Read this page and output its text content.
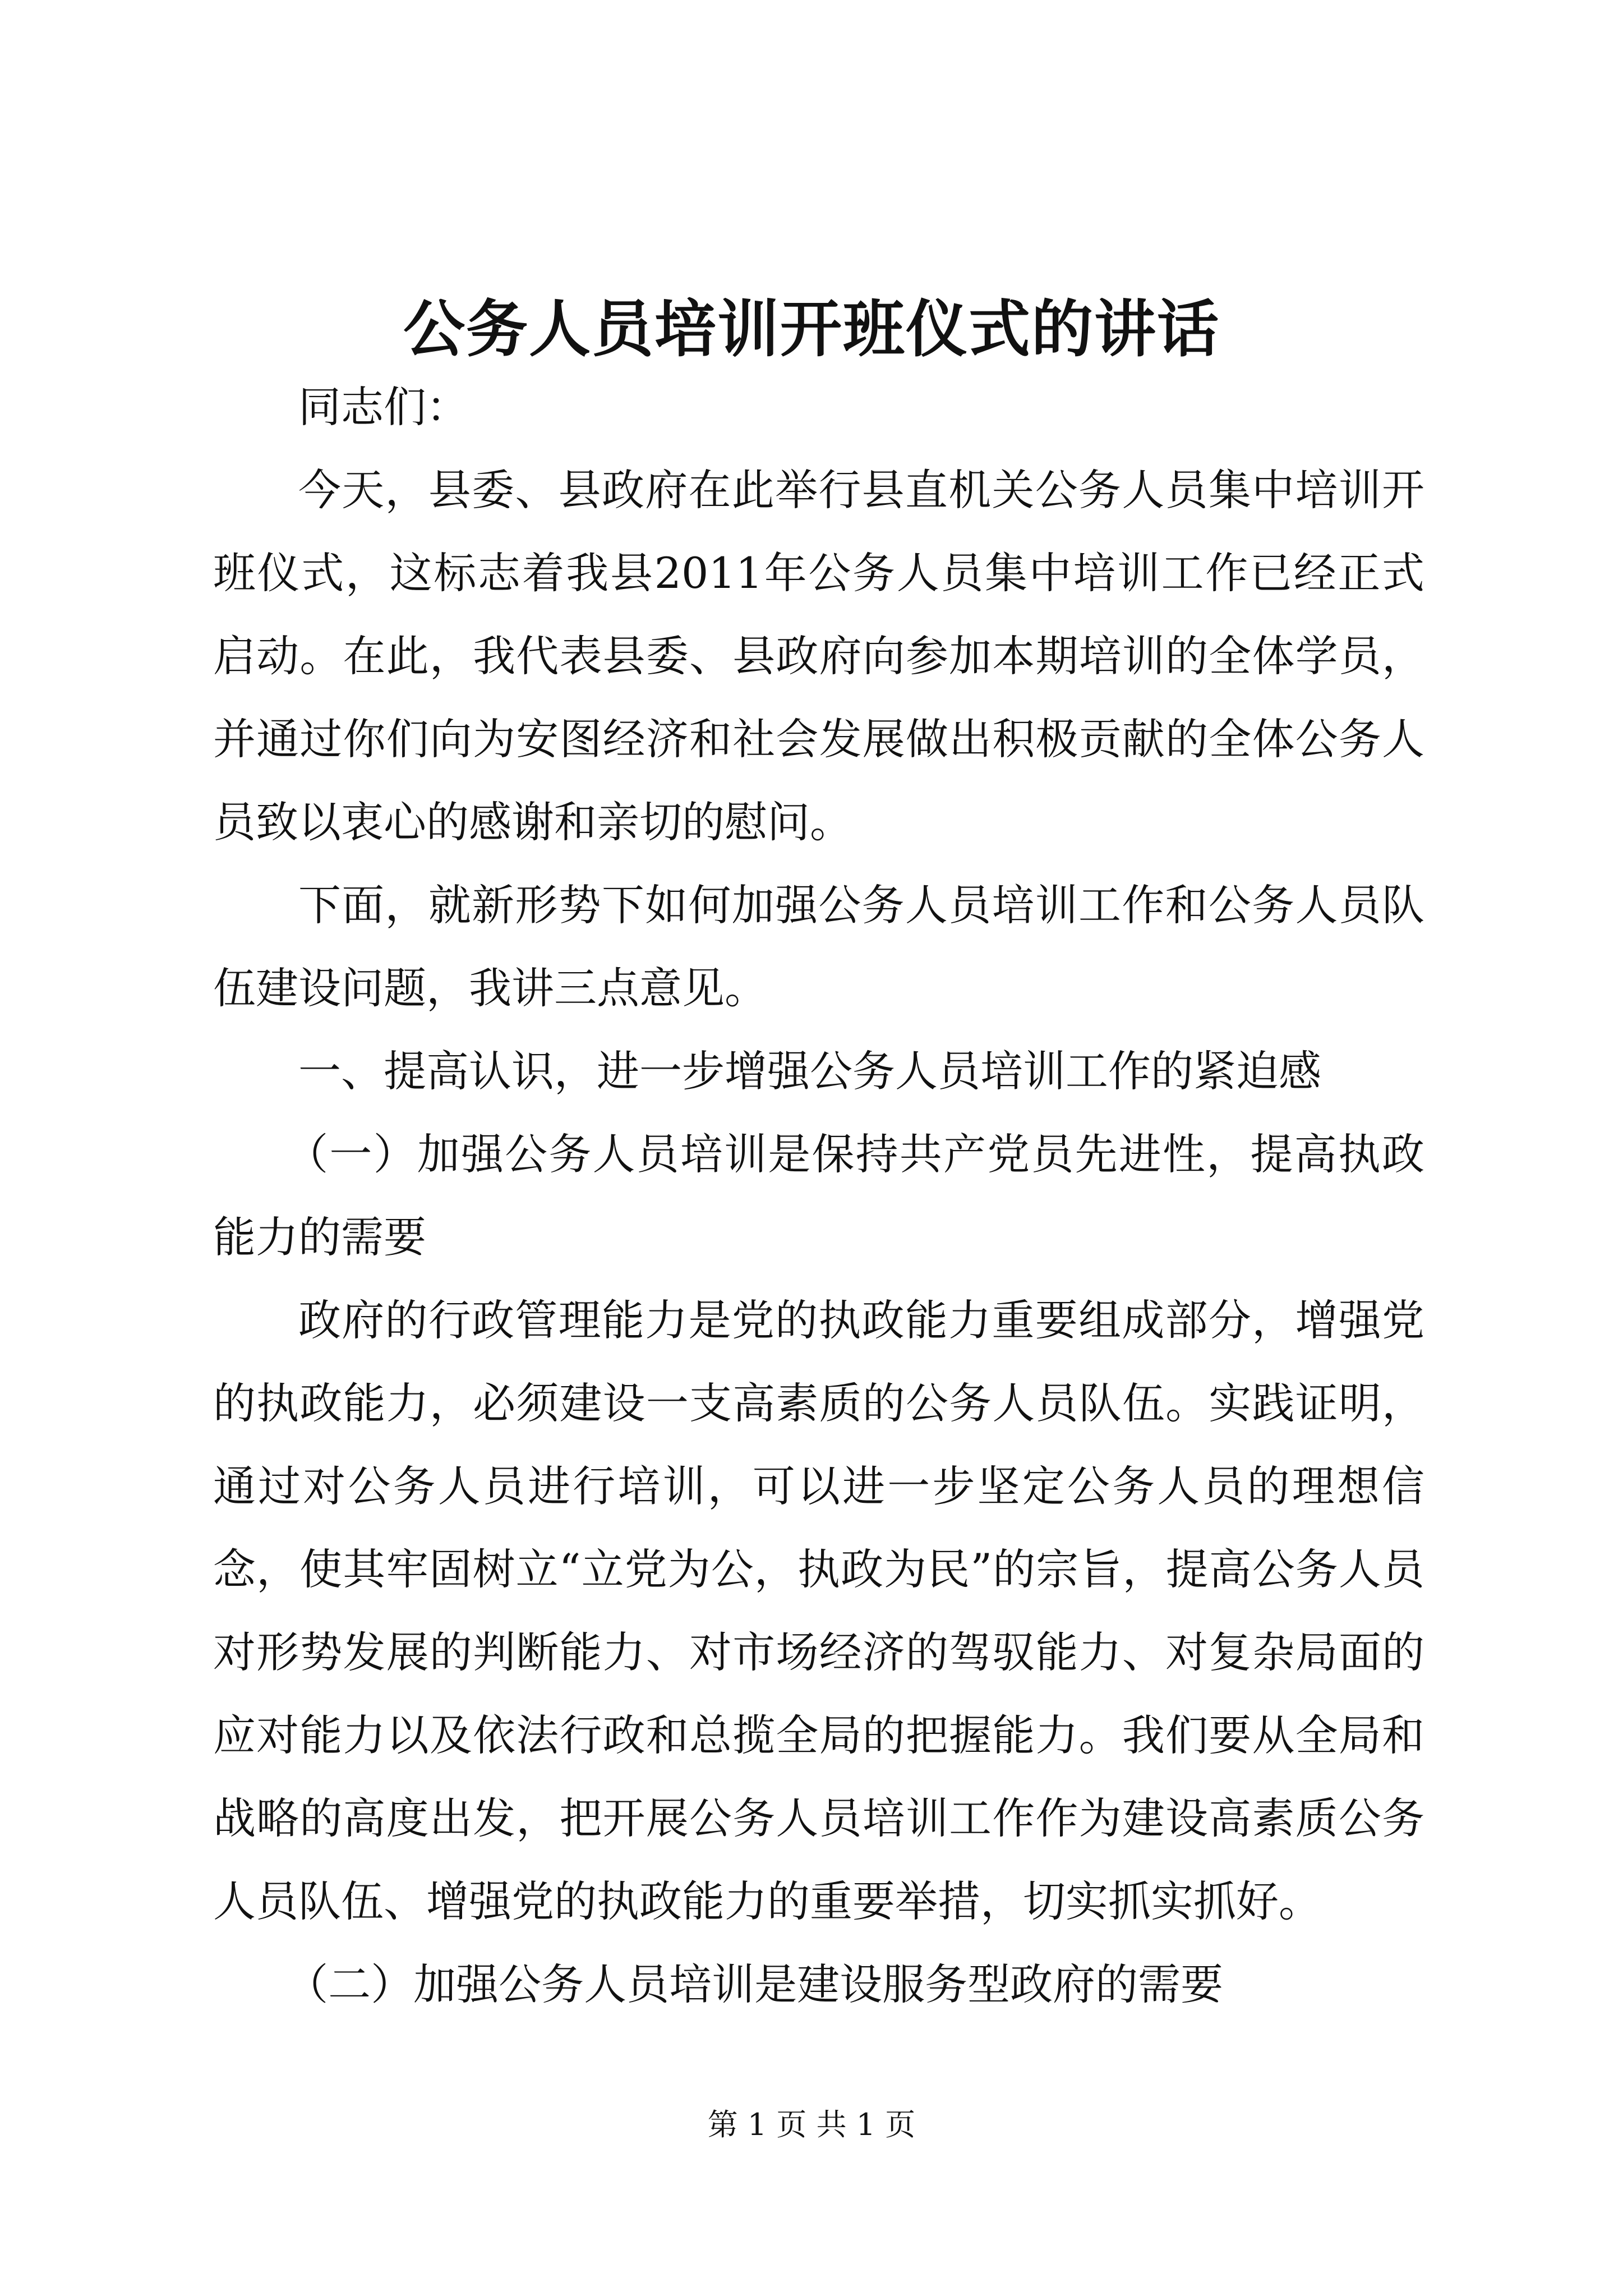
公务人员培训开班仪式的讲话

同志们：

今天，县委、县政府在此举行县直机关公务人员集中培训开班仪式，这标志着我县2011年公务人员集中培训工作已经正式启动。在此，我代表县委、县政府向参加本期培训的全体学员，并通过你们向为安图经济和社会发展做出积极贡献的全体公务人员致以衷心的感谢和亲切的慰问。

下面，就新形势下如何加强公务人员培训工作和公务人员队伍建设问题，我讲三点意见。

一、提高认识，进一步增强公务人员培训工作的紧迫感

（一）加强公务人员培训是保持共产党员先进性，提高执政能力的需要

政府的行政管理能力是党的执政能力重要组成部分，增强党的执政能力，必须建设一支高素质的公务人员队伍。实践证明，通过对公务人员进行培训，可以进一步坚定公务人员的理想信念，使其牢固树立“立党为公，执政为民”的宗旨，提高公务人员对形势发展的判断能力、对市场经济的驾驭能力、对复杂局面的应对能力以及依法行政和总揽全局的把握能力。我们要从全局和战略的高度出发，把开展公务人员培训工作作为建设高素质公务人员队伍、增强党的执政能力的重要举措，切实抓实抓好。

（二）加强公务人员培训是建设服务型政府的需要

第 1 页 共 1 页
